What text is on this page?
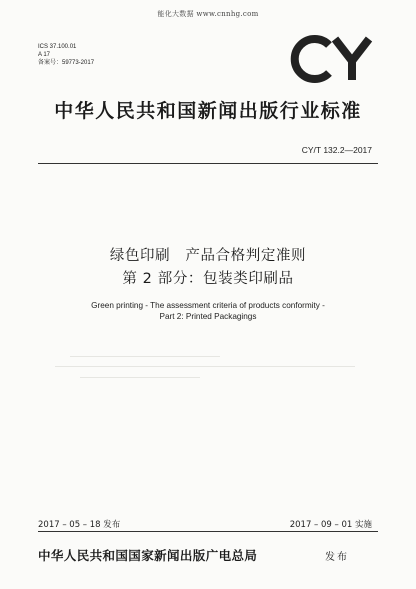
能化大数据 www.cnnhg.com
ICS 37.100.01
A 17
备案号：59773-2017
中华人民共和国新闻出版行业标准
CY/T 132.2—2017
绿色印刷　产品合格判定准则
第 2 部分：包装类印刷品
Green printing - The assessment criteria of products conformity -
Part 2: Printed Packagings
2017 – 05 – 18 发布	2017 – 09 – 01 实施
中华人民共和国国家新闻出版广电总局	发布
